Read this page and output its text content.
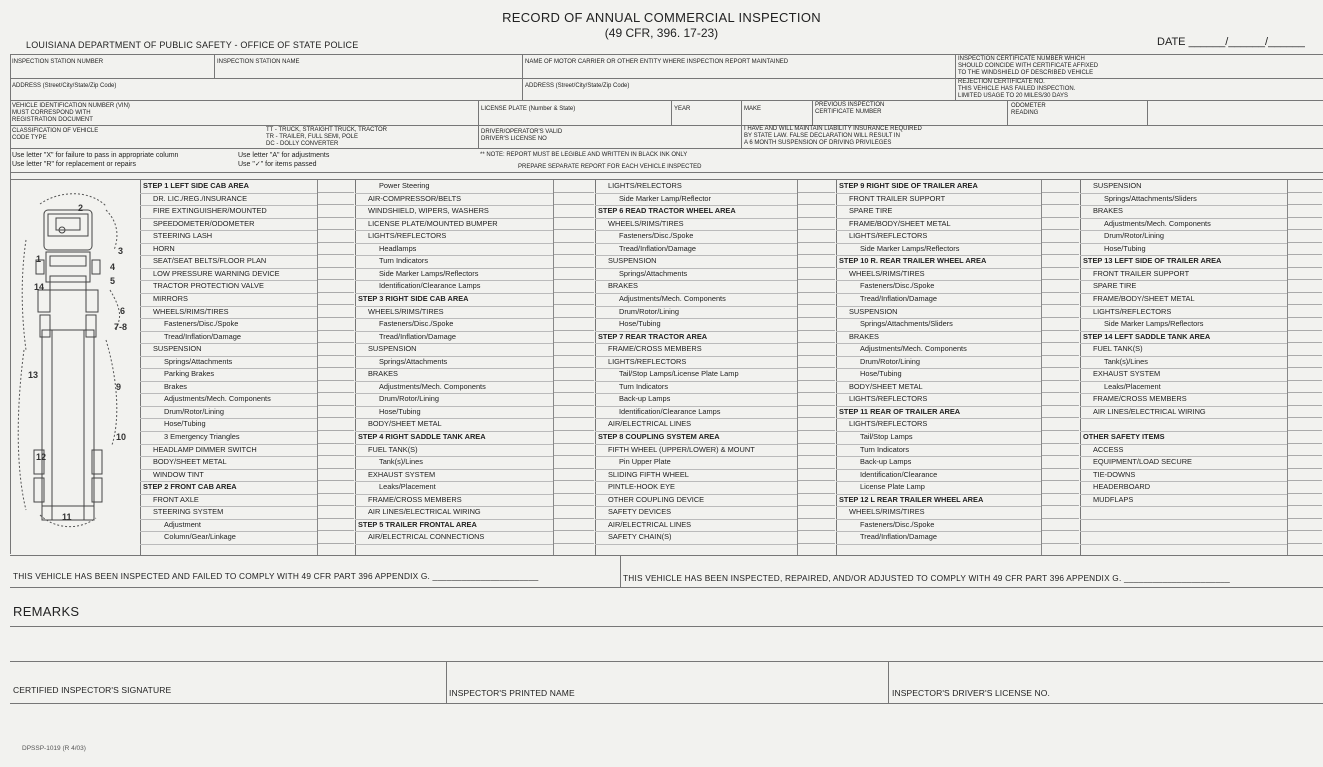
RECORD OF ANNUAL COMMERCIAL INSPECTION
(49 CFR, 396. 17-23)
LOUISIANA DEPARTMENT OF PUBLIC SAFETY - OFFICE OF STATE POLICE	DATE ______/______/______
INSPECTION STATION NUMBER	INSPECTION STATION NAME	NAME OF MOTOR CARRIER OR OTHER ENTITY WHERE INSPECTION REPORT MAINTAINED	INSPECTION CERTIFICATE NUMBER WHICH
SHOULD COINCIDE WITH CERTIFICATE AFFIXED
TO THE WINDSHIELD OF DESCRIBED VEHICLE
ADDRESS (Street/City/State/Zip Code)	ADDRESS (Street/City/State/Zip Code)
REJECTION CERTIFICATE NO.
THIS VEHICLE HAS FAILED INSPECTION.
LIMITED USAGE TO 20 MILES/30 DAYS
VEHICLE IDENTIFICATION NUMBER (VIN)
MUST CORRESPOND WITH
REGISTRATION DOCUMENT
LICENSE PLATE (Number & State)	YEAR	MAKE
PREVIOUS INSPECTION
CERTIFICATE NUMBER
ODOMETER
READING
CLASSIFICATION OF VEHICLE
CODE TYPE
TT - TRUCK, STRAIGHT TRUCK, TRACTOR
TR - TRAILER, FULL SEMI, POLE
DC - DOLLY CONVERTER
DRIVER/OPERATOR'S VALID
DRIVER'S LICENSE NO
I HAVE AND WILL MAINTAIN LIABILITY INSURANCE REQUIRED
BY STATE LAW. FALSE DECLARATION WILL RESULT IN
A 6 MONTH SUSPENSION OF DRIVING PRIVILEGES
Use letter "X" for failure to pass in appropriate column
Use letter "R" for replacement or repairs
Use letter "A" for adjustments
Use "✓" for items passed
** NOTE: REPORT MUST BE LEGIBLE AND WRITTEN IN BLACK INK ONLY
PREPARE SEPARATE REPORT FOR EACH VEHICLE INSPECTED
1
2
3
4
5
6
7-8
9
10
11
12
13
14
STEP 1 LEFT SIDE CAB AREA
DR. LIC./REG./INSURANCE
FIRE EXTINGUISHER/MOUNTED
SPEEDOMETER/ODOMETER
STEERING LASH
HORN
SEAT/SEAT BELTS/FLOOR PLAN
LOW PRESSURE WARNING DEVICE
TRACTOR PROTECTION VALVE
MIRRORS
WHEELS/RIMS/TIRES
Fasteners/Disc./Spoke
Tread/Inflation/Damage
SUSPENSION
Springs/Attachments
Parking Brakes
Brakes
Adjustments/Mech. Components
Drum/Rotor/Lining
Hose/Tubing
3 Emergency Triangles
HEADLAMP DIMMER SWITCH
BODY/SHEET METAL
WINDOW TINT
STEP 2 FRONT CAB AREA
FRONT AXLE
STEERING SYSTEM
Adjustment
Column/Gear/Linkage
Power Steering
AIR-COMPRESSOR/BELTS
WINDSHIELD, WIPERS, WASHERS
LICENSE PLATE/MOUNTED BUMPER
LIGHTS/REFLECTORS
Headlamps
Turn Indicators
Side Marker Lamps/Reflectors
Identification/Clearance Lamps
STEP 3 RIGHT SIDE CAB AREA
WHEELS/RIMS/TIRES
Fasteners/Disc./Spoke
Tread/Inflation/Damage
SUSPENSION
Springs/Attachments
BRAKES
Adjustments/Mech. Components
Drum/Rotor/Lining
Hose/Tubing
BODY/SHEET METAL
STEP 4 RIGHT SADDLE TANK AREA
FUEL TANK(S)
Tank(s)/Lines
EXHAUST SYSTEM
Leaks/Placement
FRAME/CROSS MEMBERS
AIR LINES/ELECTRICAL WIRING
STEP 5 TRAILER FRONTAL AREA
AIR/ELECTRICAL CONNECTIONS
LIGHTS/RELECTORS
Side Marker Lamp/Reflector
STEP 6 READ TRACTOR WHEEL AREA
WHEELS/RIMS/TIRES
Fasteners/Disc./Spoke
Tread/Inflation/Damage
SUSPENSION
Springs/Attachments
BRAKES
Adjustments/Mech. Components
Drum/Rotor/Lining
Hose/Tubing
STEP 7 REAR TRACTOR AREA
FRAME/CROSS MEMBERS
LIGHTS/REFLECTORS
Tail/Stop Lamps/License Plate Lamp
Turn Indicators
Back-up Lamps
Identification/Clearance Lamps
AIR/ELECTRICAL LINES
STEP 8 COUPLING SYSTEM AREA
FIFTH WHEEL (UPPER/LOWER) & MOUNT
Pin Upper Plate
SLIDING FIFTH WHEEL
PINTLE-HOOK EYE
OTHER COUPLING DEVICE
SAFETY DEVICES
AIR/ELECTRICAL LINES
SAFETY CHAIN(S)
STEP 9 RIGHT SIDE OF TRAILER AREA
FRONT TRAILER SUPPORT
SPARE TIRE
FRAME/BODY/SHEET METAL
LIGHTS/REFLECTORS
Side Marker Lamps/Reflectors
STEP 10 R. REAR TRAILER WHEEL AREA
WHEELS/RIMS/TIRES
Fasteners/Disc./Spoke
Tread/Inflation/Damage
SUSPENSION
Springs/Attachments/Sliders
BRAKES
Adjustments/Mech. Components
Drum/Rotor/Lining
Hose/Tubing
BODY/SHEET METAL
LIGHTS/REFLECTORS
STEP 11 REAR OF TRAILER AREA
LIGHTS/REFLECTORS
Tail/Stop Lamps
Turn Indicators
Back-up Lamps
Identification/Clearance
License Plate Lamp
STEP 12 L REAR TRAILER WHEEL AREA
WHEELS/RIMS/TIRES
Fasteners/Disc./Spoke
Tread/Inflation/Damage
SUSPENSION
Springs/Attachments/Sliders
BRAKES
Adjustments/Mech. Components
Drum/Rotor/Lining
Hose/Tubing
STEP 13 LEFT SIDE OF TRAILER AREA
FRONT TRAILER SUPPORT
SPARE TIRE
FRAME/BODY/SHEET METAL
LIGHTS/REFLECTORS
Side Marker Lamps/Reflectors
STEP 14 LEFT SADDLE TANK AREA
FUEL TANK(S)
Tank(s)/Lines
EXHAUST SYSTEM
Leaks/Placement
FRAME/CROSS MEMBERS
AIR LINES/ELECTRICAL WIRING
OTHER SAFETY ITEMS
ACCESS
EQUIPMENT/LOAD SECURE
TIE-DOWNS
HEADERBOARD
MUDFLAPS
THIS VEHICLE HAS BEEN INSPECTED AND FAILED TO COMPLY WITH 49 CFR PART 396 APPENDIX G. ______________________	THIS VEHICLE HAS BEEN INSPECTED, REPAIRED, AND/OR ADJUSTED TO COMPLY WITH 49 CFR PART 396 APPENDIX G. ______________________
REMARKS
CERTIFIED INSPECTOR'S SIGNATURE	INSPECTOR'S PRINTED NAME	INSPECTOR'S DRIVER'S LICENSE NO.
DPSSP-1019 (R 4/03)
